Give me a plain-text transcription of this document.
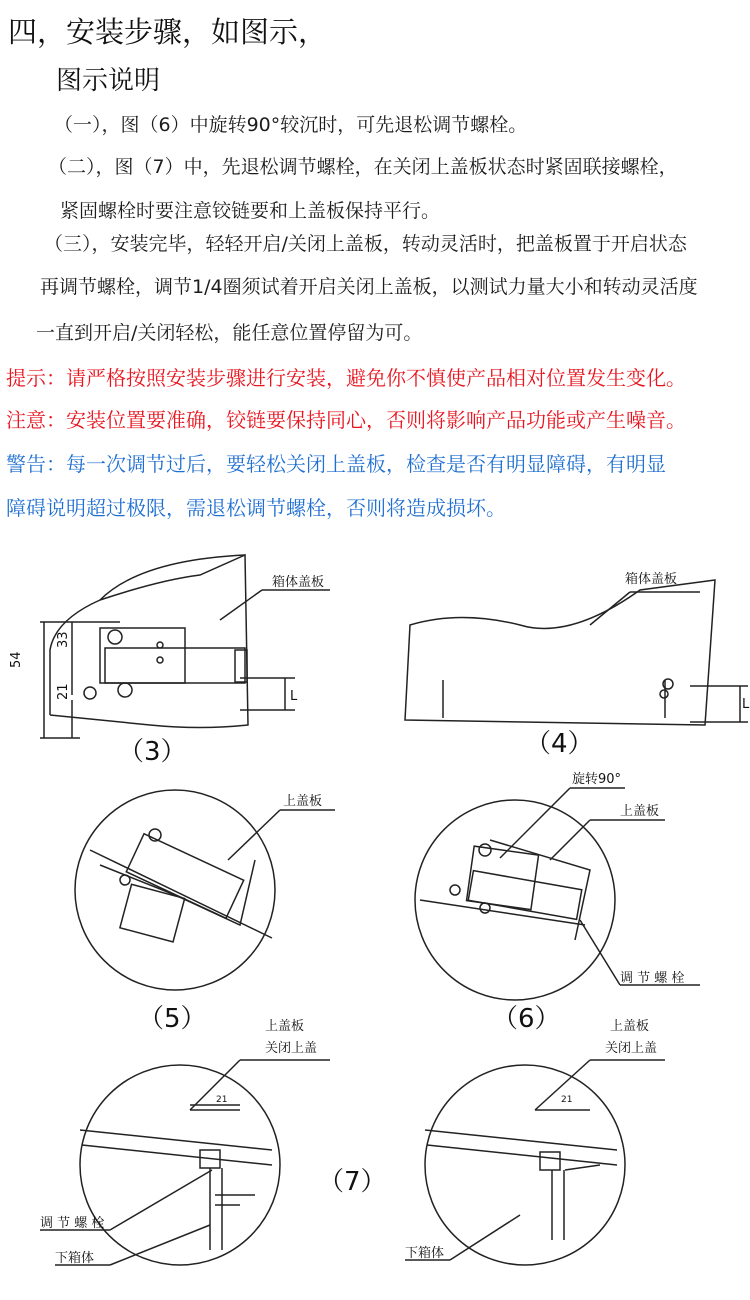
四，安装步骤，如图示，
图示说明
（一），图（6）中旋转90°较沉时，可先退松调节螺栓。
（二），图（7）中，先退松调节螺栓，在关闭上盖板状态时紧固联接螺栓，
紧固螺栓时要注意铰链要和上盖板保持平行。
（三），安装完毕，轻轻开启/关闭上盖板，转动灵活时，把盖板置于开启状态
再调节螺栓，调节1/4圈须试着开启关闭上盖板，以测试力量大小和转动灵活度
一直到开启/关闭轻松，能任意位置停留为可。
提示：请严格按照安装步骤进行安装，避免你不慎使产品相对位置发生变化。
注意：安装位置要准确，铰链要保持同心，否则将影响产品功能或产生噪音。
警告：每一次调节过后，要轻松关闭上盖板，检查是否有明显障碍，有明显
障碍说明超过极限，需退松调节螺栓，否则将造成损坏。
箱体盖板
54
33
21	L
（3）
箱体盖板
L
（4）
上盖板
（5）
旋转90°
上盖板
调 节 螺 栓
（6）
上盖板
关闭上盖
21
调 节 螺 栓
下箱体
（7）
上盖板
关闭上盖
21
下箱体
